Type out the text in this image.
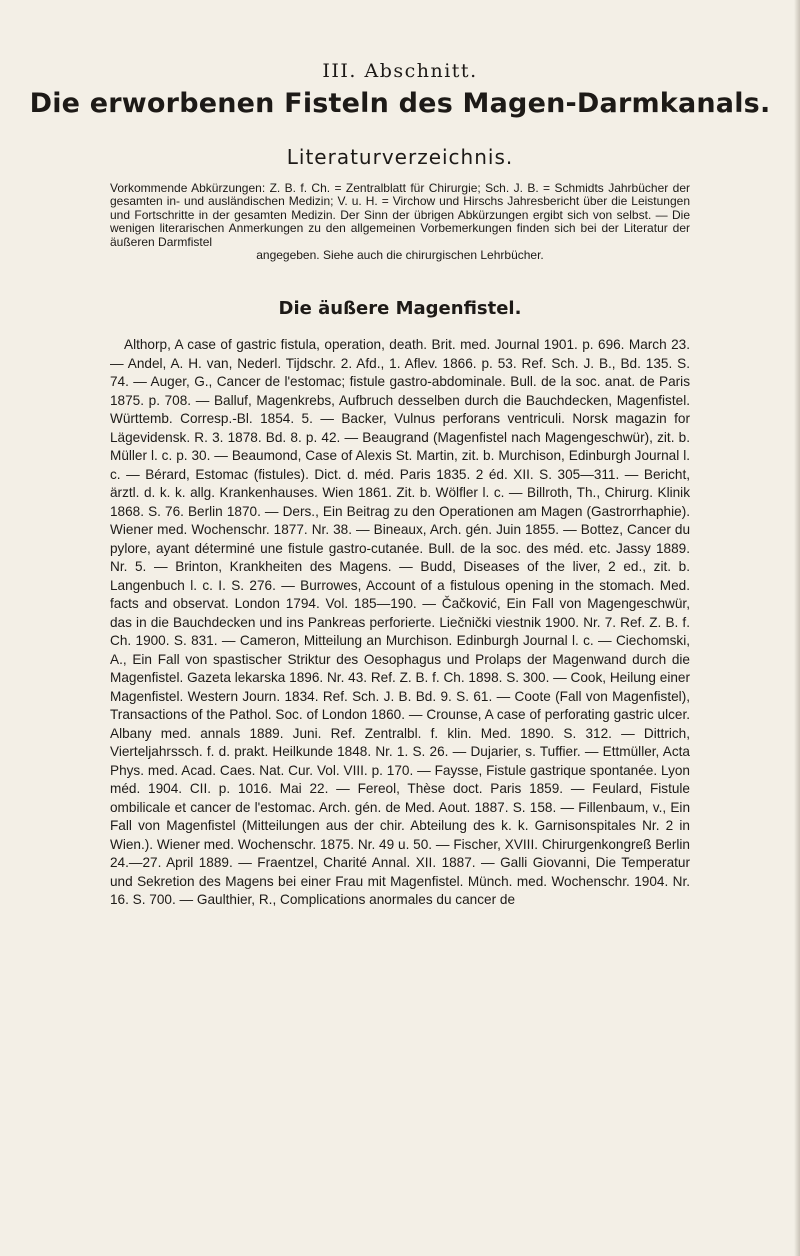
III. Abschnitt.
Die erworbenen Fisteln des Magen-Darmkanals.
Literaturverzeichnis.
Vorkommende Abkürzungen: Z. B. f. Ch. = Zentralblatt für Chirurgie; Sch. J. B. = Schmidts Jahrbücher der gesamten in- und ausländischen Medizin; V. u. H. = Virchow und Hirschs Jahresbericht über die Leistungen und Fortschritte in der gesamten Medizin. Der Sinn der übrigen Abkürzungen ergibt sich von selbst. — Die wenigen literarischen Anmerkungen zu den allgemeinen Vorbemerkungen finden sich bei der Literatur der äußeren Darmfistel
angegeben. Siehe auch die chirurgischen Lehrbücher.
Die äußere Magenfistel.
Althorp, A case of gastric fistula, operation, death. Brit. med. Journal 1901. p. 696. March 23. — Andel, A. H. van, Nederl. Tijdschr. 2. Afd., 1. Aflev. 1866. p. 53. Ref. Sch. J. B., Bd. 135. S. 74. — Auger, G., Cancer de l'estomac; fistule gastro-abdominale. Bull. de la soc. anat. de Paris 1875. p. 708. — Balluf, Magenkrebs, Aufbruch desselben durch die Bauchdecken, Magenfistel. Württemb. Corresp.-Bl. 1854. 5. — Backer, Vulnus perforans ventriculi. Norsk magazin for Lägevidensk. R. 3. 1878. Bd. 8. p. 42. — Beaugrand (Magenfistel nach Magengeschwür), zit. b. Müller l. c. p. 30. — Beaumond, Case of Alexis St. Martin, zit. b. Murchison, Edinburgh Journal l. c. — Bérard, Estomac (fistules). Dict. d. méd. Paris 1835. 2 éd. XII. S. 305—311. — Bericht, ärztl. d. k. k. allg. Krankenhauses. Wien 1861. Zit. b. Wölfler l. c. — Billroth, Th., Chirurg. Klinik 1868. S. 76. Berlin 1870. — Ders., Ein Beitrag zu den Operationen am Magen (Gastrorrhaphie). Wiener med. Wochenschr. 1877. Nr. 38. — Bineaux, Arch. gén. Juin 1855. — Bottez, Cancer du pylore, ayant déterminé une fistule gastro-cutanée. Bull. de la soc. des méd. etc. Jassy 1889. Nr. 5. — Brinton, Krankheiten des Magens. — Budd, Diseases of the liver, 2 ed., zit. b. Langenbuch l. c. I. S. 276. — Burrowes, Account of a fistulous opening in the stomach. Med. facts and observat. London 1794. Vol. 185—190. — Čačković, Ein Fall von Magengeschwür, das in die Bauchdecken und ins Pankreas perforierte. Liečnički viestnik 1900. Nr. 7. Ref. Z. B. f. Ch. 1900. S. 831. — Cameron, Mitteilung an Murchison. Edinburgh Journal l. c. — Ciechomski, A., Ein Fall von spastischer Striktur des Oesophagus und Prolaps der Magenwand durch die Magenfistel. Gazeta lekarska 1896. Nr. 43. Ref. Z. B. f. Ch. 1898. S. 300. — Cook, Heilung einer Magenfistel. Western Journ. 1834. Ref. Sch. J. B. Bd. 9. S. 61. — Coote (Fall von Magenfistel), Transactions of the Pathol. Soc. of London 1860. — Crounse, A case of perforating gastric ulcer. Albany med. annals 1889. Juni. Ref. Zentralbl. f. klin. Med. 1890. S. 312. — Dittrich, Vierteljahrssch. f. d. prakt. Heilkunde 1848. Nr. 1. S. 26. — Dujarier, s. Tuffier. — Ettmüller, Acta Phys. med. Acad. Caes. Nat. Cur. Vol. VIII. p. 170. — Faysse, Fistule gastrique spontanée. Lyon méd. 1904. CII. p. 1016. Mai 22. — Fereol, Thèse doct. Paris 1859. — Feulard, Fistule ombilicale et cancer de l'estomac. Arch. gén. de Med. Aout. 1887. S. 158. — Fillenbaum, v., Ein Fall von Magenfistel (Mitteilungen aus der chir. Abteilung des k. k. Garnisonspitales Nr. 2 in Wien.). Wiener med. Wochenschr. 1875. Nr. 49 u. 50. — Fischer, XVIII. Chirurgenkongreß Berlin 24.—27. April 1889. — Fraentzel, Charité Annal. XII. 1887. — Galli Giovanni, Die Temperatur und Sekretion des Magens bei einer Frau mit Magenfistel. Münch. med. Wochenschr. 1904. Nr. 16. S. 700. — Gaulthier, R., Complications anormales du cancer de
